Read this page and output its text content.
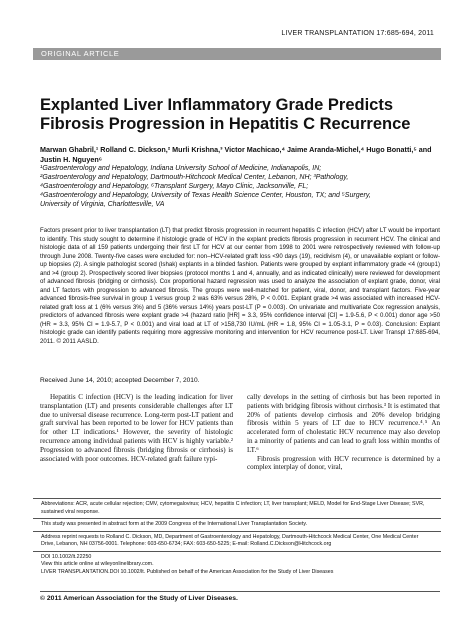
LIVER TRANSPLANTATION 17:685-694, 2011
ORIGINAL ARTICLE
Explanted Liver Inflammatory Grade Predicts Fibrosis Progression in Hepatitis C Recurrence
Marwan Ghabril,¹ Rolland C. Dickson,² Murli Krishna,³ Victor Machicao,⁴ Jaime Aranda-Michel,⁴ Hugo Bonatti,⁵ and Justin H. Nguyen⁶
¹Gastroenterology and Hepatology, Indiana University School of Medicine, Indianapolis, IN;
²Gastroenterology and Hepatology, Dartmouth-Hitchcock Medical Center, Lebanon, NH; ³Pathology,
⁴Gastroenterology and Hepatology, ⁶Transplant Surgery, Mayo Clinic, Jacksonville, FL;
⁴Gastroenterology and Hepatology, University of Texas Health Science Center, Houston, TX; and ⁵Surgery,
University of Virginia, Charlottesville, VA

Factors present prior to liver transplantation (LT) that predict fibrosis progression in recurrent hepatitis C infection (HCV) after LT would be important to identify. This study sought to determine if histologic grade of HCV in the explant predicts fibrosis progression in recurrent HCV. The clinical and histologic data of all 159 patients undergoing their first LT for HCV at our center from 1998 to 2001 were retrospectively reviewed with follow-up through June 2008. Twenty-five cases were excluded for: non–HCV-related graft loss <90 days (19), recidivism (4), or unavailable explant or follow-up biopsies (2). A single pathologist scored (Ishak) explants in a blinded fashion. Patients were grouped by explant inflammatory grade <4 (group1) and >4 (group 2). Prospectively scored liver biopsies (protocol months 1 and 4, annually, and as indicated clinically) were reviewed for development of advanced fibrosis (bridging or cirrhosis). Cox proportional hazard regression was used to analyze the association of explant grade, donor, viral and LT factors with progression to advanced fibrosis. The groups were well-matched for patient, viral, donor, and transplant factors. Five-year advanced fibrosis-free survival in group 1 versus group 2 was 63% versus 28%, P < 0.001. Explant grade >4 was associated with increased HCV-related graft loss at 1 (6% versus 3%) and 5 (36% versus 14%) years post-LT (P = 0.003). On univariate and multivariate Cox regression analysis, predictors of advanced fibrosis were explant grade >4 (hazard ratio [HR] = 3.3, 95% confidence interval [CI] = 1.9-5.6, P < 0.001) donor age >50 (HR = 3.3, 95% CI = 1.9-5.7, P < 0.001) and viral load at LT of >158,730 IU/mL (HR = 1.8, 95% CI = 1.05-3.1, P = 0.03). Conclusion: Explant histologic grade can identify patients requiring more aggressive monitoring and intervention for HCV recurrence post-LT. Liver Transpl 17:685-694, 2011. © 2011 AASLD.

Received June 14, 2010; accepted December 7, 2010.

Hepatitis C infection (HCV) is the leading indication for liver transplantation (LT) and presents considerable challenges after LT due to universal disease recurrence. Long-term post-LT patient and graft survival has been reported to be lower for HCV patients than for other LT indications.¹ However, the severity of histologic recurrence among individual patients with HCV is highly variable.² Progression to advanced fibrosis (bridging fibrosis or cirrhosis) is associated with poor outcomes. HCV-related graft failure typi-

cally develops in the setting of cirrhosis but has been reported in patients with bridging fibrosis without cirrhosis.³ It is estimated that 20% of patients develop cirrhosis and 20% develop bridging fibrosis within 5 years of LT due to HCV recurrence.⁴˒⁵ An accelerated form of cholestatic HCV recurrence may also develop in a minority of patients and can lead to graft loss within months of LT.⁶

Fibrosis progression with HCV recurrence is determined by a complex interplay of donor, viral,

Abbreviations: ACR, acute cellular rejection; CMV, cytomegalovirus; HCV, hepatitis C infection; LT, liver transplant; MELD, Model for End-Stage Liver Disease; SVR, sustained viral response.

This study was presented in abstract form at the 2009 Congress of the International Liver Transplantation Society.

Address reprint requests to Rolland C. Dickson, MD, Department of Gastroenterology and Hepatology, Dartmouth-Hitchcock Medical Center, One Medical Center Drive, Lebanon, NH 03756-0001. Telephone: 603-650-6734; FAX: 603-650-5225; E-mail: Rolland.C.Dickson@Hitchcock.org

DOI 10.1002/lt.22250

View this article online at wileyonlinelibrary.com.

LIVER TRANSPLANTATION.DOI 10.1002/lt. Published on behalf of the American Association for the Study of Liver Diseases

© 2011 American Association for the Study of Liver Diseases.
